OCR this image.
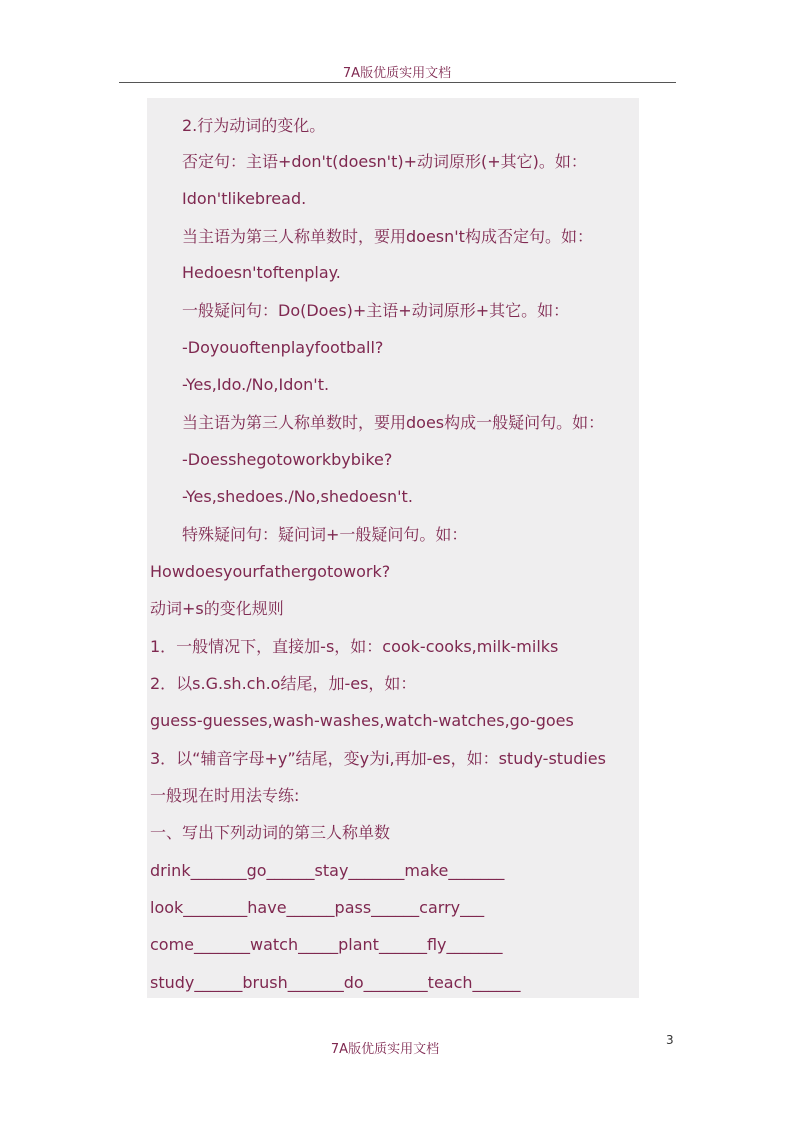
7A版优质实用文档
2.行为动词的变化。
否定句：主语+don't(doesn't)+动词原形(+其它)。如：
Idon'tlikebread.
当主语为第三人称单数时，要用doesn't构成否定句。如：
Hedoesn'toftenplay.
一般疑问句：Do(Does)+主语+动词原形+其它。如：
-Doyouoftenplayfootball?
-Yes,Ido./No,Idon't.
当主语为第三人称单数时，要用does构成一般疑问句。如：
-Doesshegotoworkbybike?
-Yes,shedoes./No,shedoesn't.
特殊疑问句：疑问词+一般疑问句。如：
Howdoesyourfathergotowork?
动词+s的变化规则
1．一般情况下，直接加-s，如：cook-cooks,milk-milks
2．以s.G.sh.ch.o结尾，加-es，如：
guess-guesses,wash-washes,watch-watches,go-goes
3．以“辅音字母+y”结尾，变y为i,再加-es，如：study-studies
一般现在时用法专练:
一、写出下列动词的第三人称单数
drink_______go______stay_______make_______
look________have______pass______carry___
come_______watch_____plant______fly_______
study______brush_______do________teach______
3
7A版优质实用文档
